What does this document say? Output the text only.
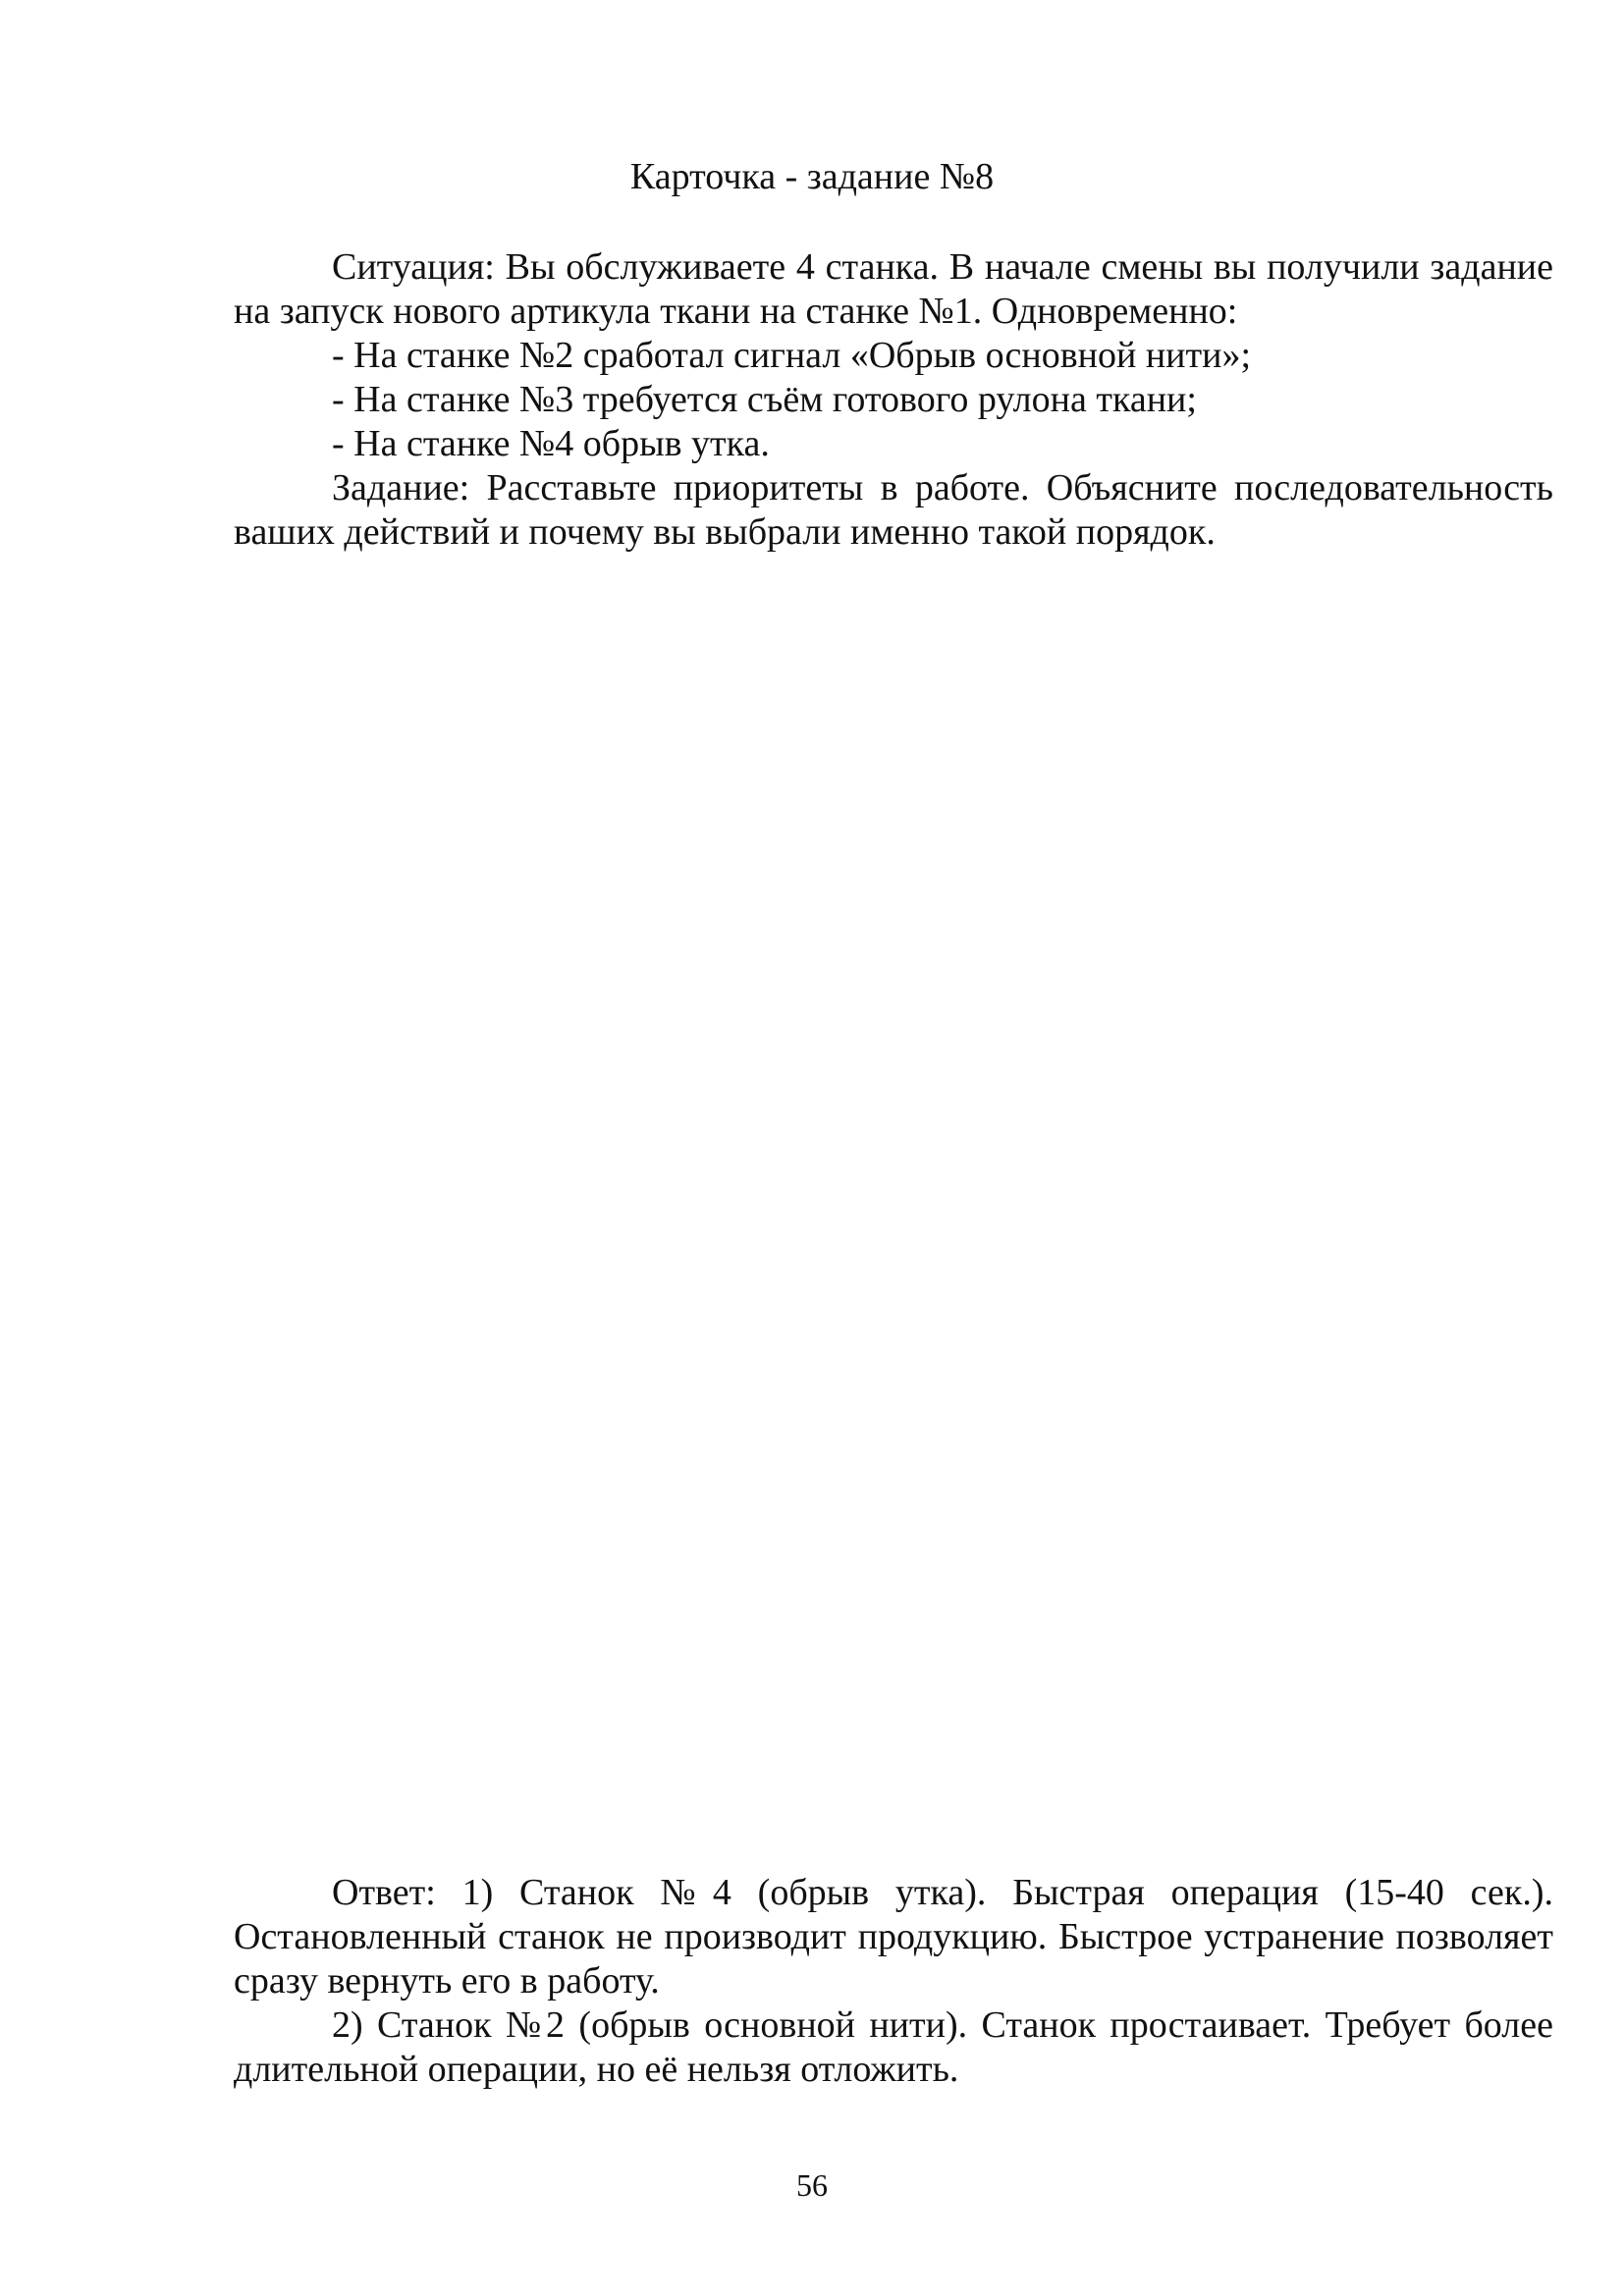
Карточка - задание №8

Ситуация: Вы обслуживаете 4 станка. В начале смены вы получили задание на запуск нового артикула ткани на станке №1. Одновременно:

- На станке №2 сработал сигнал «Обрыв основной нити»;

- На станке №3 требуется съём готового рулона ткани;

- На станке №4 обрыв утка.

Задание: Расставьте приоритеты в работе. Объясните последовательность ваших действий и почему вы выбрали именно такой порядок.

Ответ: 1) Станок №4 (обрыв утка). Быстрая операция (15-40 сек.). Остановленный станок не производит продукцию. Быстрое устранение позволяет сразу вернуть его в работу.

2) Станок №2 (обрыв основной нити). Станок простаивает. Требует более длительной операции, но её нельзя отложить.

56
